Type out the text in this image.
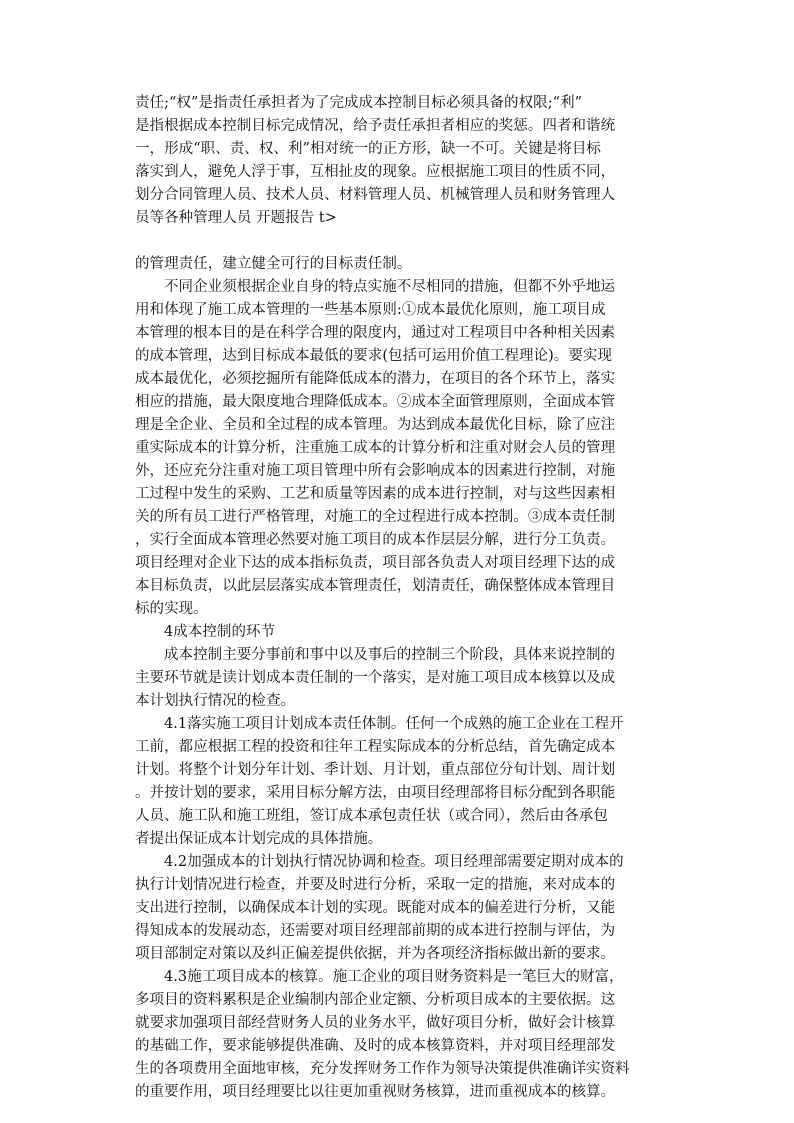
责任;“权”是指责任承担者为了完成成本控制目标必须具备的权限;“利”
是指根据成本控制目标完成情况，给予责任承担者相应的奖惩。四者和谐统
一，形成“职、责、权、利”相对统一的正方形，缺一不可。关键是将目标
落实到人，避免人浮于事，互相扯皮的现象。应根据施工项目的性质不同，
划分合同管理人员、技术人员、材料管理人员、机械管理人员和财务管理人
员等各种管理人员 开题报告 t>
的管理责任，建立健全可行的目标责任制。
不同企业须根据企业自身的特点实施不尽相同的措施，但都不外乎地运
用和体现了施工成本管理的一些基本原则:①成本最优化原则，施工项目成
本管理的根本目的是在科学合理的限度内，通过对工程项目中各种相关因素
的成本管理，达到目标成本最低的要求(包括可运用价值工程理论)。要实现
成本最优化，必须挖掘所有能降低成本的潜力，在项目的各个环节上，落实
相应的措施，最大限度地合理降低成本。②成本全面管理原则，全面成本管
理是全企业、全员和全过程的成本管理。为达到成本最优化目标，除了应注
重实际成本的计算分析，注重施工成本的计算分析和注重对财会人员的管理
外，还应充分注重对施工项目管理中所有会影响成本的因素进行控制，对施
工过程中发生的采购、工艺和质量等因素的成本进行控制，对与这些因素相
关的所有员工进行严格管理，对施工的全过程进行成本控制。③成本责任制
，实行全面成本管理必然要对施工项目的成本作层层分解，进行分工负责。
项目经理对企业下达的成本指标负责，项目部各负责人对项目经理下达的成
本目标负责，以此层层落实成本管理责任，划清责任，确保整体成本管理目
标的实现。
4成本控制的环节
成本控制主要分事前和事中以及事后的控制三个阶段，具体来说控制的
主要环节就是读计划成本责任制的一个落实，是对施工项目成本核算以及成
本计划执行情况的检查。
4.1落实施工项目计划成本责任体制。任何一个成熟的施工企业在工程开
工前，都应根据工程的投资和往年工程实际成本的分析总结，首先确定成本
计划。将整个计划分年计划、季计划、月计划，重点部位分旬计划、周计划
。并按计划的要求，采用目标分解方法，由项目经理部将目标分配到各职能
人员、施工队和施工班组，签订成本承包责任状（或合同），然后由各承包
者提出保证成本计划完成的具体措施。
4.2加强成本的计划执行情况协调和检查。项目经理部需要定期对成本的
执行计划情况进行检查，并要及时进行分析，采取一定的措施，来对成本的
支出进行控制，以确保成本计划的实现。既能对成本的偏差进行分析，又能
得知成本的发展动态，还需要对项目经理部前期的成本进行控制与评估，为
项目部制定对策以及纠正偏差提供依据，并为各项经济指标做出新的要求。
4.3施工项目成本的核算。施工企业的项目财务资料是一笔巨大的财富，
多项目的资料累积是企业编制内部企业定额、分析项目成本的主要依据。这
就要求加强项目部经营财务人员的业务水平，做好项目分析，做好会计核算
的基础工作，要求能够提供准确、及时的成本核算资料，并对项目经理部发
生的各项费用全面地审核，充分发挥财务工作作为领导决策提供准确详实资料
的重要作用，项目经理要比以往更加重视财务核算，进而重视成本的核算。
